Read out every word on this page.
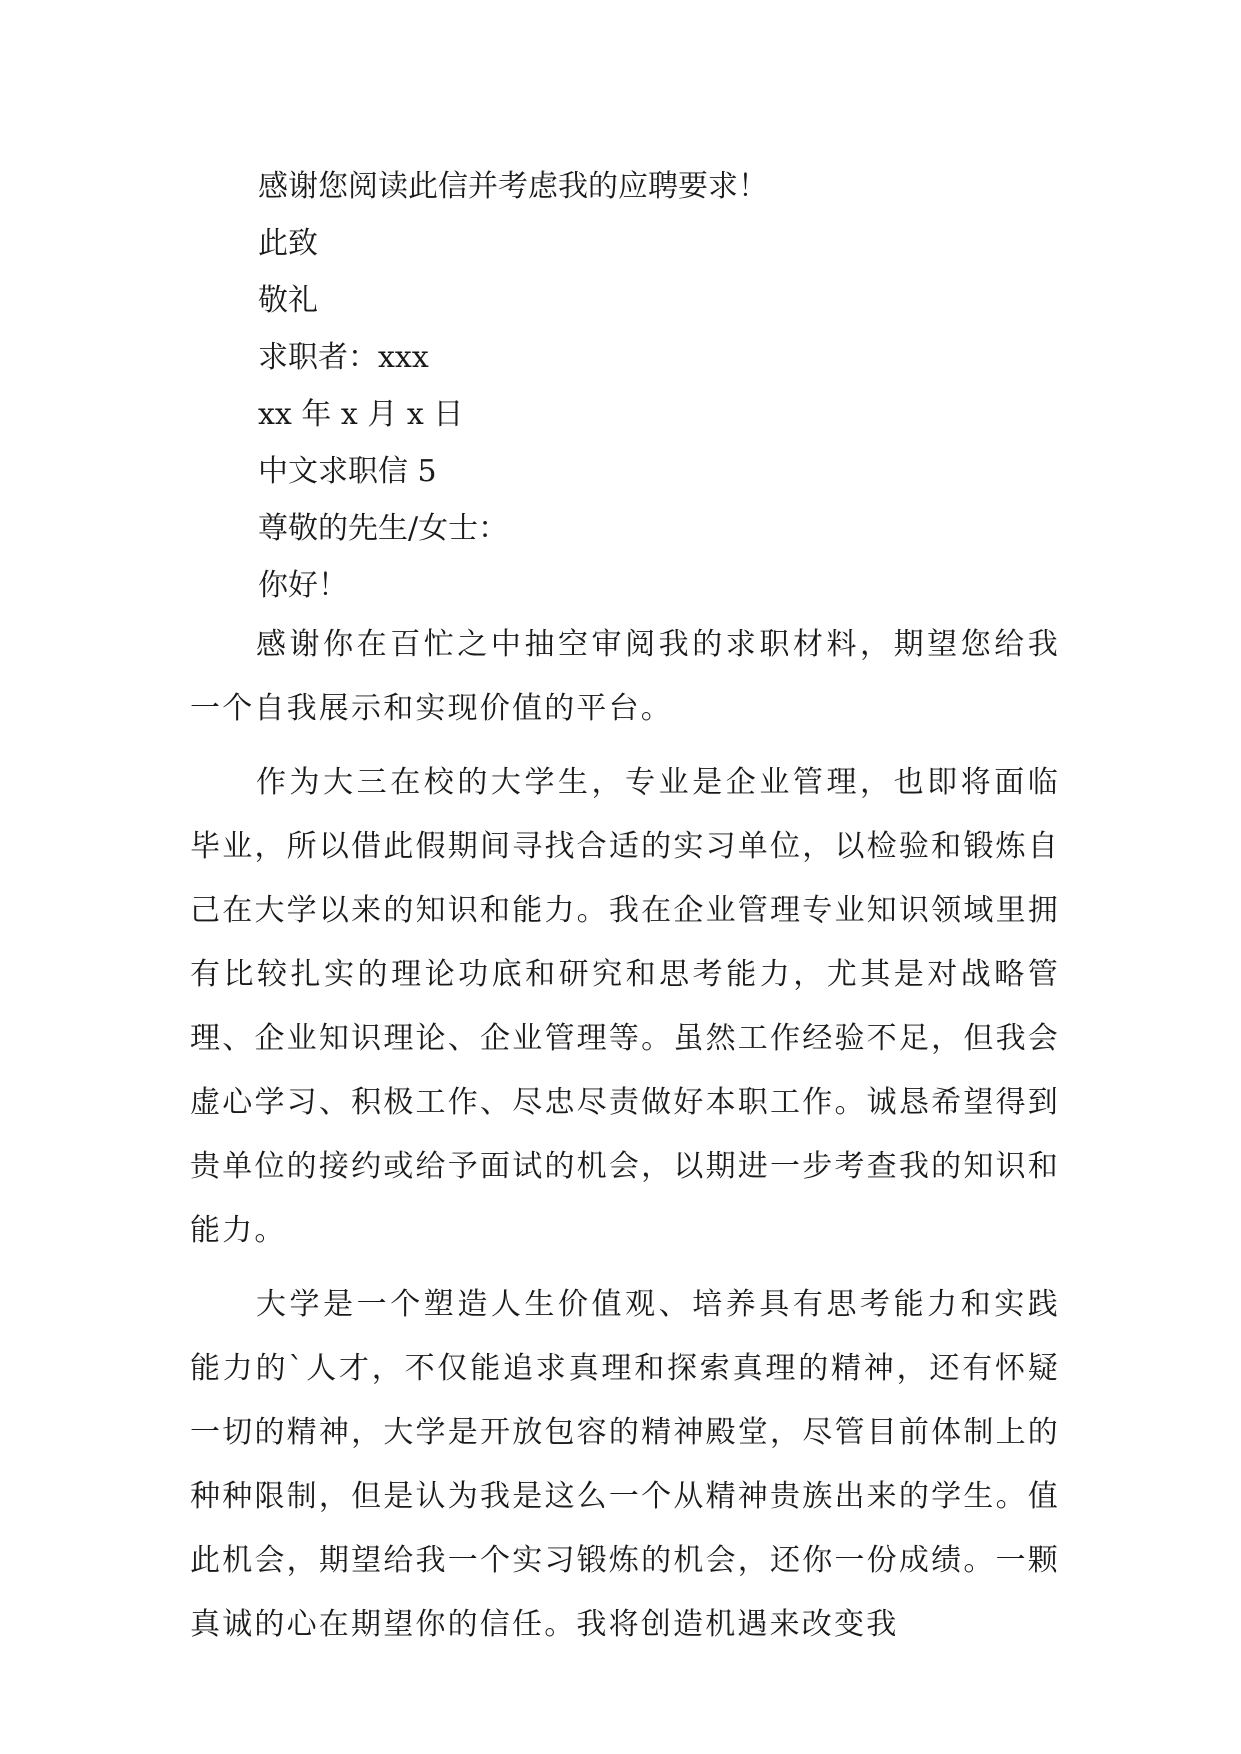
感谢您阅读此信并考虑我的应聘要求！
此致
敬礼
求职者：xxx
xx 年 x 月 x 日
中文求职信 5
尊敬的先生/女士：
你好！

感谢你在百忙之中抽空审阅我的求职材料，期望您给我一个自我展示和实现价值的平台。

作为大三在校的大学生，专业是企业管理，也即将面临毕业，所以借此假期间寻找合适的实习单位，以检验和锻炼自己在大学以来的知识和能力。我在企业管理专业知识领域里拥有比较扎实的理论功底和研究和思考能力，尤其是对战略管理、企业知识理论、企业管理等。虽然工作经验不足，但我会虚心学习、积极工作、尽忠尽责做好本职工作。诚恳希望得到贵单位的接约或给予面试的机会，以期进一步考查我的知识和能力。

大学是一个塑造人生价值观、培养具有思考能力和实践能力的`人才，不仅能追求真理和探索真理的精神，还有怀疑一切的精神，大学是开放包容的精神殿堂，尽管目前体制上的种种限制，但是认为我是这么一个从精神贵族出来的学生。值此机会，期望给我一个实习锻炼的机会，还你一份成绩。一颗真诚的心在期望你的信任。我将创造机遇来改变我
